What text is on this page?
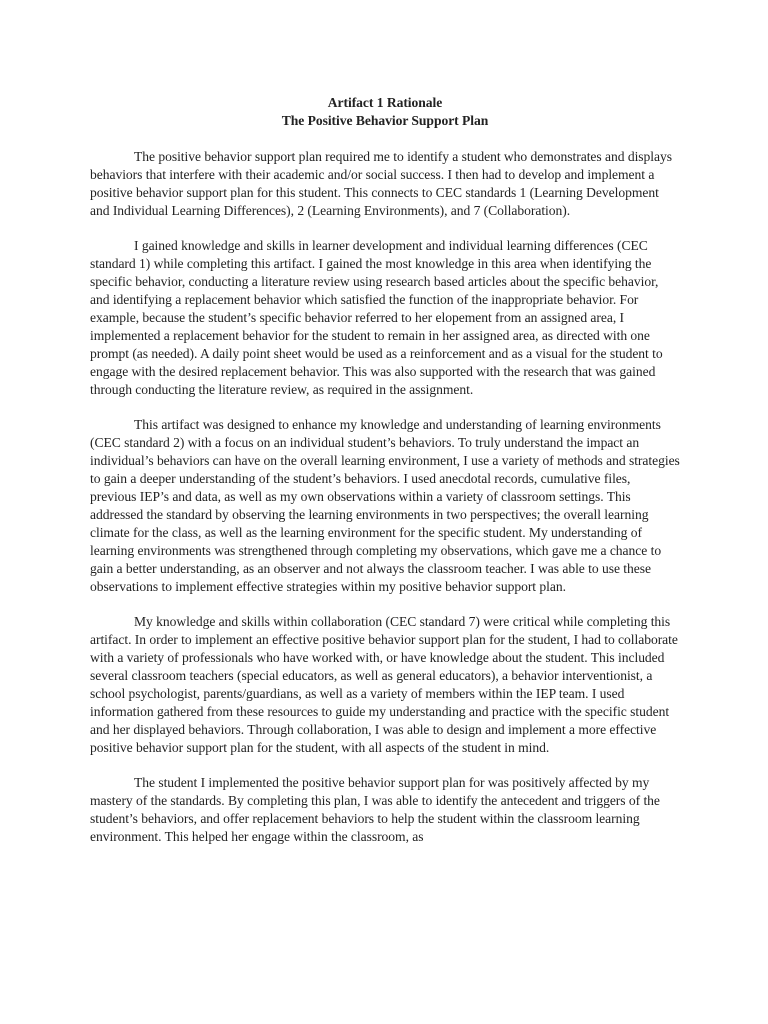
Artifact 1 Rationale

The Positive Behavior Support Plan

The positive behavior support plan required me to identify a student who demonstrates and displays behaviors that interfere with their academic and/or social success. I then had to develop and implement a positive behavior support plan for this student. This connects to CEC standards 1 (Learning Development and Individual Learning Differences), 2 (Learning Environments), and 7 (Collaboration).

I gained knowledge and skills in learner development and individual learning differences (CEC standard 1) while completing this artifact. I gained the most knowledge in this area when identifying the specific behavior, conducting a literature review using research based articles about the specific behavior, and identifying a replacement behavior which satisfied the function of the inappropriate behavior. For example, because the student’s specific behavior referred to her elopement from an assigned area, I implemented a replacement behavior for the student to remain in her assigned area, as directed with one prompt (as needed). A daily point sheet would be used as a reinforcement and as a visual for the student to engage with the desired replacement behavior. This was also supported with the research that was gained through conducting the literature review, as required in the assignment.

This artifact was designed to enhance my knowledge and understanding of learning environments (CEC standard 2) with a focus on an individual student’s behaviors. To truly understand the impact an individual’s behaviors can have on the overall learning environment, I use a variety of methods and strategies to gain a deeper understanding of the student’s behaviors. I used anecdotal records, cumulative files, previous IEP’s and data, as well as my own observations within a variety of classroom settings. This addressed the standard by observing the learning environments in two perspectives; the overall learning climate for the class, as well as the learning environment for the specific student. My understanding of learning environments was strengthened through completing my observations, which gave me a chance to gain a better understanding, as an observer and not always the classroom teacher. I was able to use these observations to implement effective strategies within my positive behavior support plan.

My knowledge and skills within collaboration (CEC standard 7) were critical while completing this artifact. In order to implement an effective positive behavior support plan for the student, I had to collaborate with a variety of professionals who have worked with, or have knowledge about the student. This included several classroom teachers (special educators, as well as general educators), a behavior interventionist, a school psychologist, parents/guardians, as well as a variety of members within the IEP team. I used information gathered from these resources to guide my understanding and practice with the specific student and her displayed behaviors. Through collaboration, I was able to design and implement a more effective positive behavior support plan for the student, with all aspects of the student in mind.

The student I implemented the positive behavior support plan for was positively affected by my mastery of the standards. By completing this plan, I was able to identify the antecedent and triggers of the student’s behaviors, and offer replacement behaviors to help the student within the classroom learning environment. This helped her engage within the classroom, as
